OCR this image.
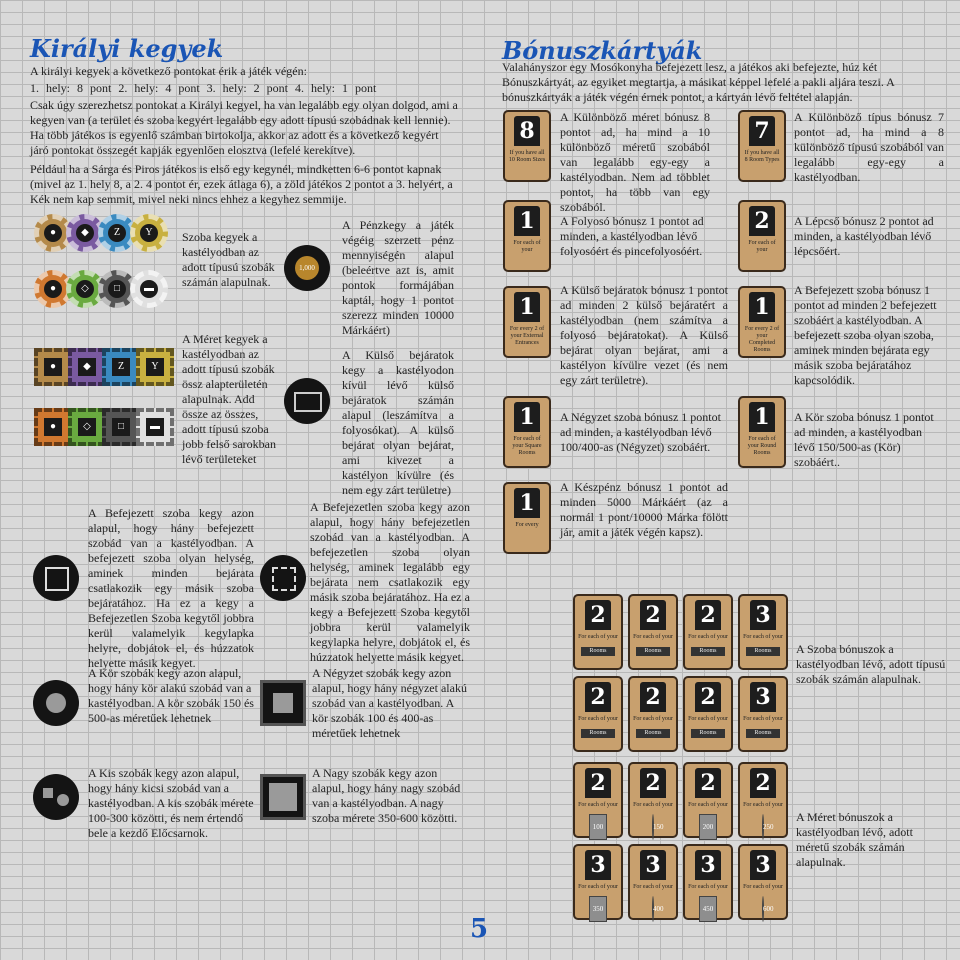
Királyi kegyek
A királyi kegyek a következő pontokat érik a játék végén:
1. hely: 8 pont 2. hely: 4 pont 3. hely: 2 pont 4. hely: 1 pont
Csak úgy szerezhetsz pontokat a Királyi kegyel, ha van legalább egy olyan dolgod, ami a kegyen van (a terület és szoba kegyért legalább egy adott típusú szobádnak kell lennie).
Ha több játékos is egyenlő számban birtokolja, akkor az adott és a következő kegyért járó pontokat összegét kapják egyenlően elosztva (lefelé kerekítve).
Például ha a Sárga és Piros játékos is első egy kegynél, mindketten 6-6 pontot kapnak (mivel az 1. hely 8, a 2. 4 pontot ér, ezek átlaga 6), a zöld játékos 2 pontot a 3. helyért, a Kék nem kap semmit, mivel neki nincs ehhez a kegyhez semmije.
●	◆	Z	Y
●	◇	□	▬
Szoba kegyek a kastélyodban az adott típusú szobák számán alapulnak.
●	◆	Z	Y
●	◇	□	▬
A Méret kegyek a kastélyodban az adott típusú szobák össz alapterületén alapulnak. Add össze az összes, adott típusú szoba jobb felső sarokban lévő területeket
1,000
A Pénzkegy a játék végéig szerzett pénz mennyiségén alapul (beleértve azt is, amit pontok formájában kaptál, hogy 1 pontot szerezz minden 10000 Márkáért)
A Külső bejáratok kegy a kastélyodon kívül lévő külső bejáratok számán alapul (leszámítva a folyosókat). A külső bejárat olyan bejárat, ami kivezet a kastélyon kívülre (és nem egy zárt területre)
A Befejezett szoba kegy azon alapul, hogy hány befejezett szobád van a kastélyodban. A befejezett szoba olyan helység, aminek minden bejárata csatlakozik egy másik szoba bejáratához. Ha ez a kegy a Befejezetlen Szoba kegytől jobbra kerül valamelyik kegylapka helyre, dobjátok el, és húzzatok helyette másik kegyet.
A Befejezetlen szoba kegy azon alapul, hogy hány befejezetlen szobád van a kastélyodban. A befejezetlen szoba olyan helység, aminek legalább egy bejárata nem csatlakozik egy másik szoba bejáratához. Ha ez a kegy a Befejezett Szoba kegytől jobbra kerül valamelyik kegylapka helyre, dobjátok el, és húzzatok helyette másik kegyet.
A Kör szobák kegy azon alapul, hogy hány kör alakú szobád van a kastélyodban. A kör szobák 150 és 500-as méretűek lehetnek
A Négyzet szobák kegy azon alapul, hogy hány négyzet alakú szobád van a kastélyodban. A kör szobák 100 és 400-as méretűek lehetnek
A Kis szobák kegy azon alapul, hogy hány kicsi szobád van a kastélyodban. A kis szobák mérete 100-300 közötti, és nem értendő bele a kezdő Előcsarnok.
A Nagy szobák kegy azon alapul, hogy hány nagy szobád van a kastélyodban. A nagy szoba mérete 350-600 közötti.
5
Bónuszkártyák
Valahányszor egy Mosókonyha befejezett lesz, a játékos aki befejezte, húz két Bónuszkártyát, az egyiket megtartja, a másikat képpel lefelé a pakli aljára teszi. A bónuszkártyák a játék végén érnek pontot, a kártyán lévő feltétel alapján.
8
If you have all 10 Room Sizes
A Különböző méret bónusz 8 pontot ad, ha mind a 10 különböző méretű szobából van legalább egy-egy a kastélyodban. Nem ad többlet pontot, ha több van egy szobából.
7
If you have all 8 Room Types
A Különböző típus bónusz 7 pontot ad, ha mind a 8 különböző típusú szobából van legalább egy-egy a kastélyodban.
1
For each of your
A Folyosó bónusz 1 pontot ad minden, a kastélyodban lévő folyosóért és pincefolyosóért.
2
For each of your
A Lépcső bónusz 2 pontot ad minden, a kastélyodban lévő lépcsőért.
1
For every 2 of your External Entrances
A Külső bejáratok bónusz 1 pontot ad minden 2 külső bejáratért a kastélyodban (nem számítva a folyosó bejáratokat). A Külső bejárat olyan bejárat, ami a kastélyon kívülre vezet (és nem egy zárt területre).
1
For every 2 of your Completed Rooms
A Befejezett szoba bónusz 1 pontot ad minden 2 befejezett szobáért a kastélyodban. A befejezett szoba olyan szoba, aminek minden bejárata egy másik szoba bejáratához kapcsolódik.
1
For each of your Square Rooms
A Négyzet szoba bónusz 1 pontot ad minden, a kastélyodban lévő 100/400-as (Négyzet) szobáért.
1
For each of your Round Rooms
A Kör szoba bónusz 1 pontot ad minden, a kastélyodban lévő 150/500-as (Kör) szobáért..
1
For every
A Készpénz bónusz 1 pontot ad minden 5000 Márkáért (az a normál 1 pont/10000 Márka fölött jár, amit a játék végén kapsz).
2
For each of your
Rooms
2
For each of your
Rooms
2
For each of your
Rooms
3
For each of your
Rooms
2
For each of your
Rooms
2
For each of your
Rooms
2
For each of your
Rooms
3
For each of your
Rooms
A Szoba bónuszok a kastélyodban lévő, adott típusú szobák számán alapulnak.
2
For each of your
100
2
For each of your
150
2
For each of your
200
2
For each of your
250
3
For each of your
350
3
For each of your
400
3
For each of your
450
3
For each of your
600
A Méret bónuszok a kastélyodban lévő, adott méretű szobák számán alapulnak.
